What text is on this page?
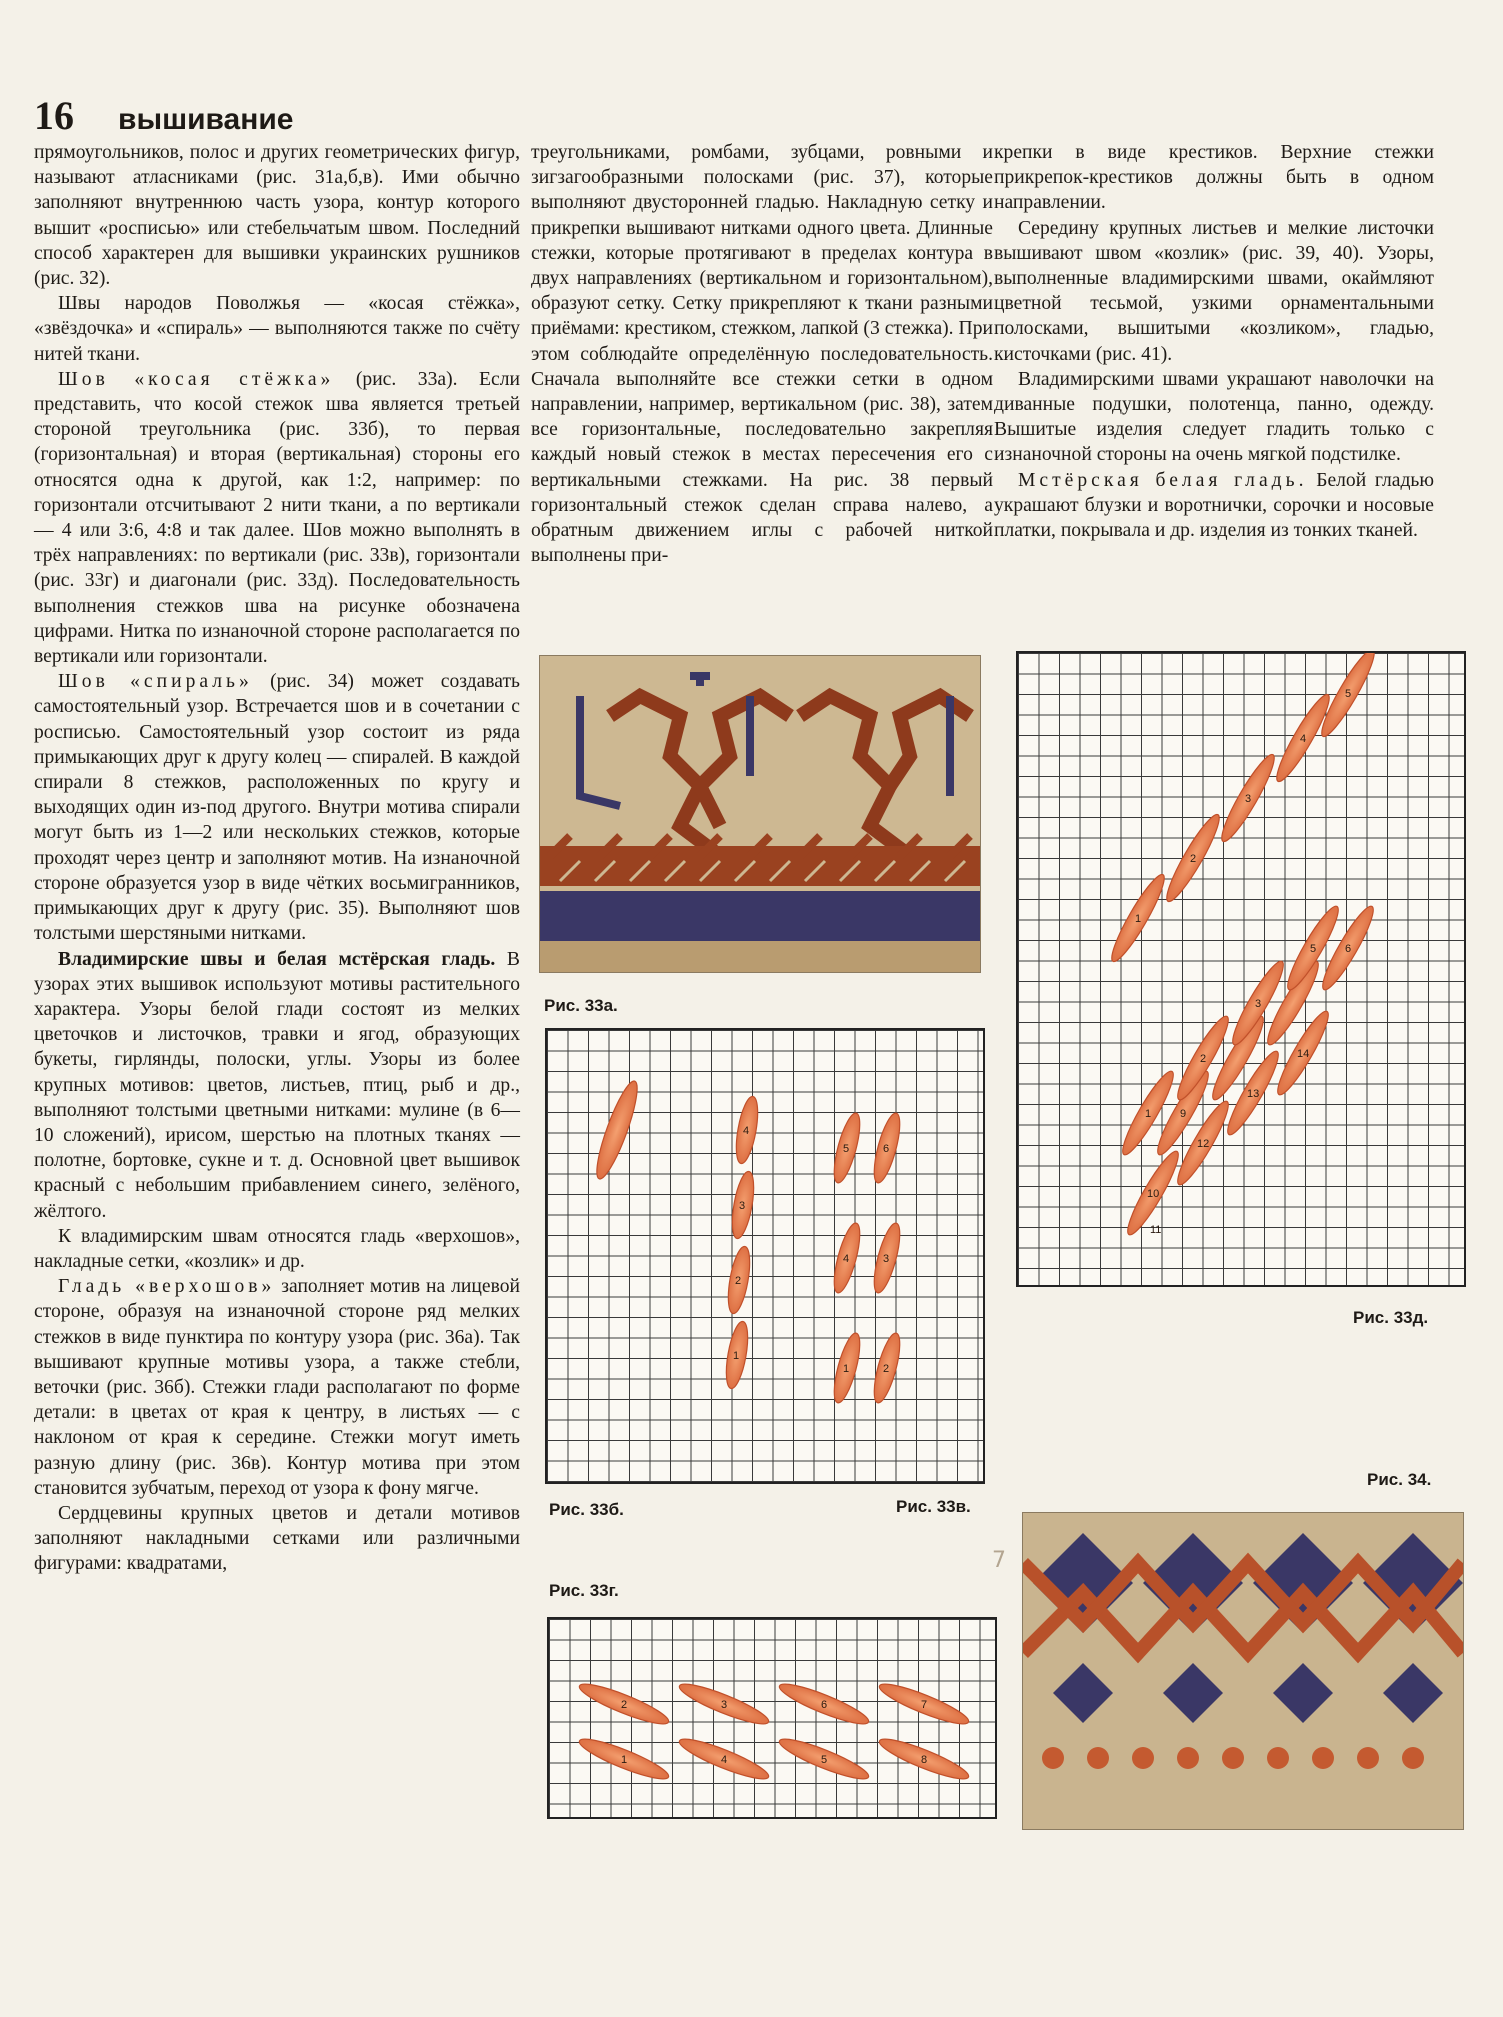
16 вышивание

прямоугольников, полос и других геометрических фигур, называют атласниками (рис. 31а,б,в). Ими обычно заполняют внутреннюю часть узора, контур которого вышит «росписью» или стебельчатым швом. Последний способ характерен для вышивки украинских рушников (рис. 32).

Швы народов Поволжья — «косая стёжка», «звёздочка» и «спираль» — выполняются также по счёту нитей ткани.

Шов «косая стёжка» (рис. 33а). Если представить, что косой стежок шва является третьей стороной треугольника (рис. 33б), то первая (горизонтальная) и вторая (вертикальная) стороны его относятся одна к другой, как 1:2, например: по горизонтали отсчитывают 2 нити ткани, а по вертикали — 4 или 3:6, 4:8 и так далее. Шов можно выполнять в трёх направлениях: по вертикали (рис. 33в), горизонтали (рис. 33г) и диагонали (рис. 33д). Последовательность выполнения стежков шва на рисунке обозначена цифрами. Нитка по изнаночной стороне располагается по вертикали или горизонтали.

Шов «спираль» (рис. 34) может создавать самостоятельный узор. Встречается шов и в сочетании с росписью. Самостоятельный узор состоит из ряда примыкающих друг к другу колец — спиралей. В каждой спирали 8 стежков, расположенных по кругу и выходящих один из-под другого. Внутри мотива спирали могут быть из 1—2 или нескольких стежков, которые проходят через центр и заполняют мотив. На изнаночной стороне образуется узор в виде чётких восьмигранников, примыкающих друг к другу (рис. 35). Выполняют шов толстыми шерстяными нитками.

Владимирские швы и белая мстёрская гладь. В узорах этих вышивок используют мотивы растительного характера. Узоры белой глади состоят из мелких цветочков и листочков, травки и ягод, образующих букеты, гирлянды, полоски, углы. Узоры из более крупных мотивов: цветов, листьев, птиц, рыб и др., выполняют толстыми цветными нитками: мулине (в 6—10 сложений), ирисом, шерстью на плотных тканях — полотне, бортовке, сукне и т. д. Основной цвет вышивок красный с небольшим прибавлением синего, зелёного, жёлтого.

К владимирским швам относятся гладь «верхошов», накладные сетки, «козлик» и др.

Гладь «верхошов» заполняет мотив на лицевой стороне, образуя на изнаночной стороне ряд мелких стежков в виде пунктира по контуру узора (рис. 36а). Так вышивают крупные мотивы узора, а также стебли, веточки (рис. 36б). Стежки глади располагают по форме детали: в цветах от края к центру, в листьях — с наклоном от края к середине. Стежки могут иметь разную длину (рис. 36в). Контур мотива при этом становится зубчатым, переход от узора к фону мягче.

Сердцевины крупных цветов и детали мотивов заполняют накладными сетками или различными фигурами: квадратами,

треугольниками, ромбами, зубцами, ровными и зигзагообразными полосками (рис. 37), которые выполняют двусторонней гладью. Накладную сетку и прикрепки вышивают нитками одного цвета. Длинные стежки, которые протягивают в пределах контура в двух направлениях (вертикальном и горизонтальном), образуют сетку. Сетку прикрепляют к ткани разными приёмами: крестиком, стежком, лапкой (3 стежка). При этом соблюдайте определённую последовательность. Сначала выполняйте все стежки сетки в одном направлении, например, вертикальном (рис. 38), затем все горизонтальные, последовательно закрепляя каждый новый стежок в местах пересечения его с вертикальными стежками. На рис. 38 первый горизонтальный стежок сделан справа налево, а обратным движением иглы с рабочей ниткой выполнены при-

крепки в виде крестиков. Верхние стежки прикрепок-крестиков должны быть в одном направлении.

Середину крупных листьев и мелкие листочки вышивают швом «козлик» (рис. 39, 40). Узоры, выполненные владимирскими швами, окаймляют цветной тесьмой, узкими орнаментальными полосками, вышитыми «козликом», гладью, кисточками (рис. 41).

Владимирскими швами украшают наволочки на диванные подушки, полотенца, панно, одежду. Вышитые изделия следует гладить только с изнаночной стороны на очень мягкой подстилке.

Мстёрская белая гладь. Белой гладью украшают блузки и воротнички, сорочки и носовые платки, покрывала и др. изделия из тонких тканей.

Рис. 33а.
4
3
2
1
5	6
4	3
1	2
Рис. 33б.	Рис. 33в.
7
Рис. 33г.
2	3	6	7
1	4	5	8
1
2
3
4
5
1	9
2
3
5	6
10
12
13
14
11
Рис. 33д.
Рис. 34.
